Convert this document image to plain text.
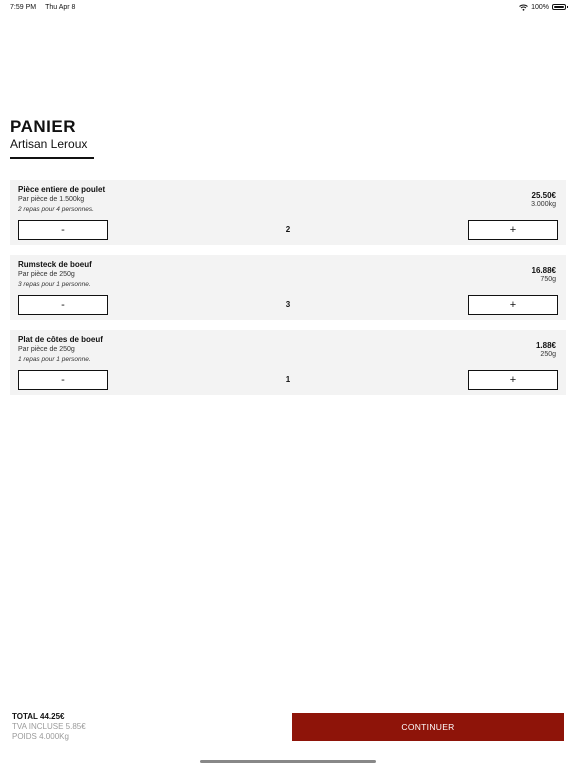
7:59 PM Thu Apr 8	100%
PANIER
Artisan Leroux
Pièce entiere de poulet
Par pièce de 1.500kg
2 repas pour 4 personnes.
25.50€
3.000kg
-	2	+
Rumsteck de boeuf
Par pièce de 250g
3 repas pour 1 personne.
16.88€
750g
-	3	+
Plat de côtes de boeuf
Par pièce de 250g
1 repas pour 1 personne.
1.88€
250g
-	1	+
TOTAL 44.25€
TVA INCLUSE 5.85€
POIDS 4.000Kg
CONTINUER
